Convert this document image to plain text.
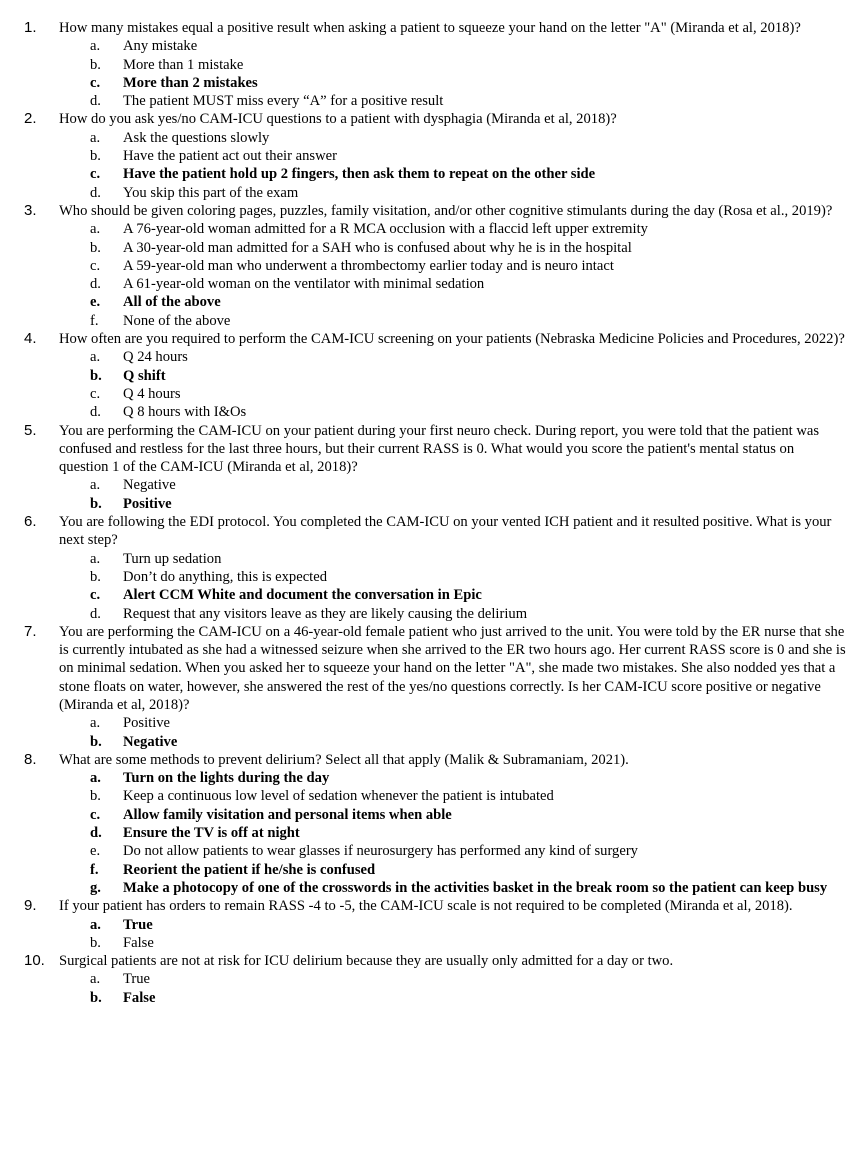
1.	How many mistakes equal a positive result when asking a patient to squeeze your hand on the letter "A" (Miranda et al, 2018)?
a.	Any mistake
b.	More than 1 mistake
c.	More than 2 mistakes
d.	The patient MUST miss every “A” for a positive result
2.	How do you ask yes/no CAM-ICU questions to a patient with dysphagia (Miranda et al, 2018)?
a.	Ask the questions slowly
b.	Have the patient act out their answer
c.	Have the patient hold up 2 fingers, then ask them to repeat on the other side
d.	You skip this part of the exam
3.	Who should be given coloring pages, puzzles, family visitation, and/or other cognitive stimulants during the day (Rosa et al., 2019)?
a.	A 76-year-old woman admitted for a R MCA occlusion with a flaccid left upper extremity
b.	A 30-year-old man admitted for a SAH who is confused about why he is in the hospital
c.	A 59-year-old man who underwent a thrombectomy earlier today and is neuro intact
d.	A 61-year-old woman on the ventilator with minimal sedation
e.	All of the above
f.	None of the above
4.	How often are you required to perform the CAM-ICU screening on your patients (Nebraska Medicine Policies and Procedures, 2022)?
a.	Q 24 hours
b.	Q shift
c.	Q 4 hours
d.	Q 8 hours with I&Os
5.	You are performing the CAM-ICU on your patient during your first neuro check. During report, you were told that the patient was confused and restless for the last three hours, but their current RASS is 0. What would you score the patient's mental status on question 1 of the CAM-ICU (Miranda et al, 2018)?
a.	Negative
b.	Positive
6.	You are following the EDI protocol. You completed the CAM-ICU on your vented ICH patient and it resulted positive. What is your next step?
a.	Turn up sedation
b.	Don’t do anything, this is expected
c.	Alert CCM White and document the conversation in Epic
d.	Request that any visitors leave as they are likely causing the delirium
7.	You are performing the CAM-ICU on a 46-year-old female patient who just arrived to the unit. You were told by the ER nurse that she is currently intubated as she had a witnessed seizure when she arrived to the ER two hours ago. Her current RASS score is 0 and she is on minimal sedation. When you asked her to squeeze your hand on the letter "A", she made two mistakes. She also nodded yes that a stone floats on water, however, she answered the rest of the yes/no questions correctly. Is her CAM-ICU score positive or negative (Miranda et al, 2018)?
a.	Positive
b.	Negative
8.	What are some methods to prevent delirium? Select all that apply (Malik & Subramaniam, 2021).
a.	Turn on the lights during the day
b.	Keep a continuous low level of sedation whenever the patient is intubated
c.	Allow family visitation and personal items when able
d.	Ensure the TV is off at night
e.	Do not allow patients to wear glasses if neurosurgery has performed any kind of surgery
f.	Reorient the patient if he/she is confused
g.	Make a photocopy of one of the crosswords in the activities basket in the break room so the patient can keep busy
9.	If your patient has orders to remain RASS -4 to -5, the CAM-ICU scale is not required to be completed (Miranda et al, 2018).
a.	True
b.	False
10. Surgical patients are not at risk for ICU delirium because they are usually only admitted for a day or two.
a.	True
b.	False
